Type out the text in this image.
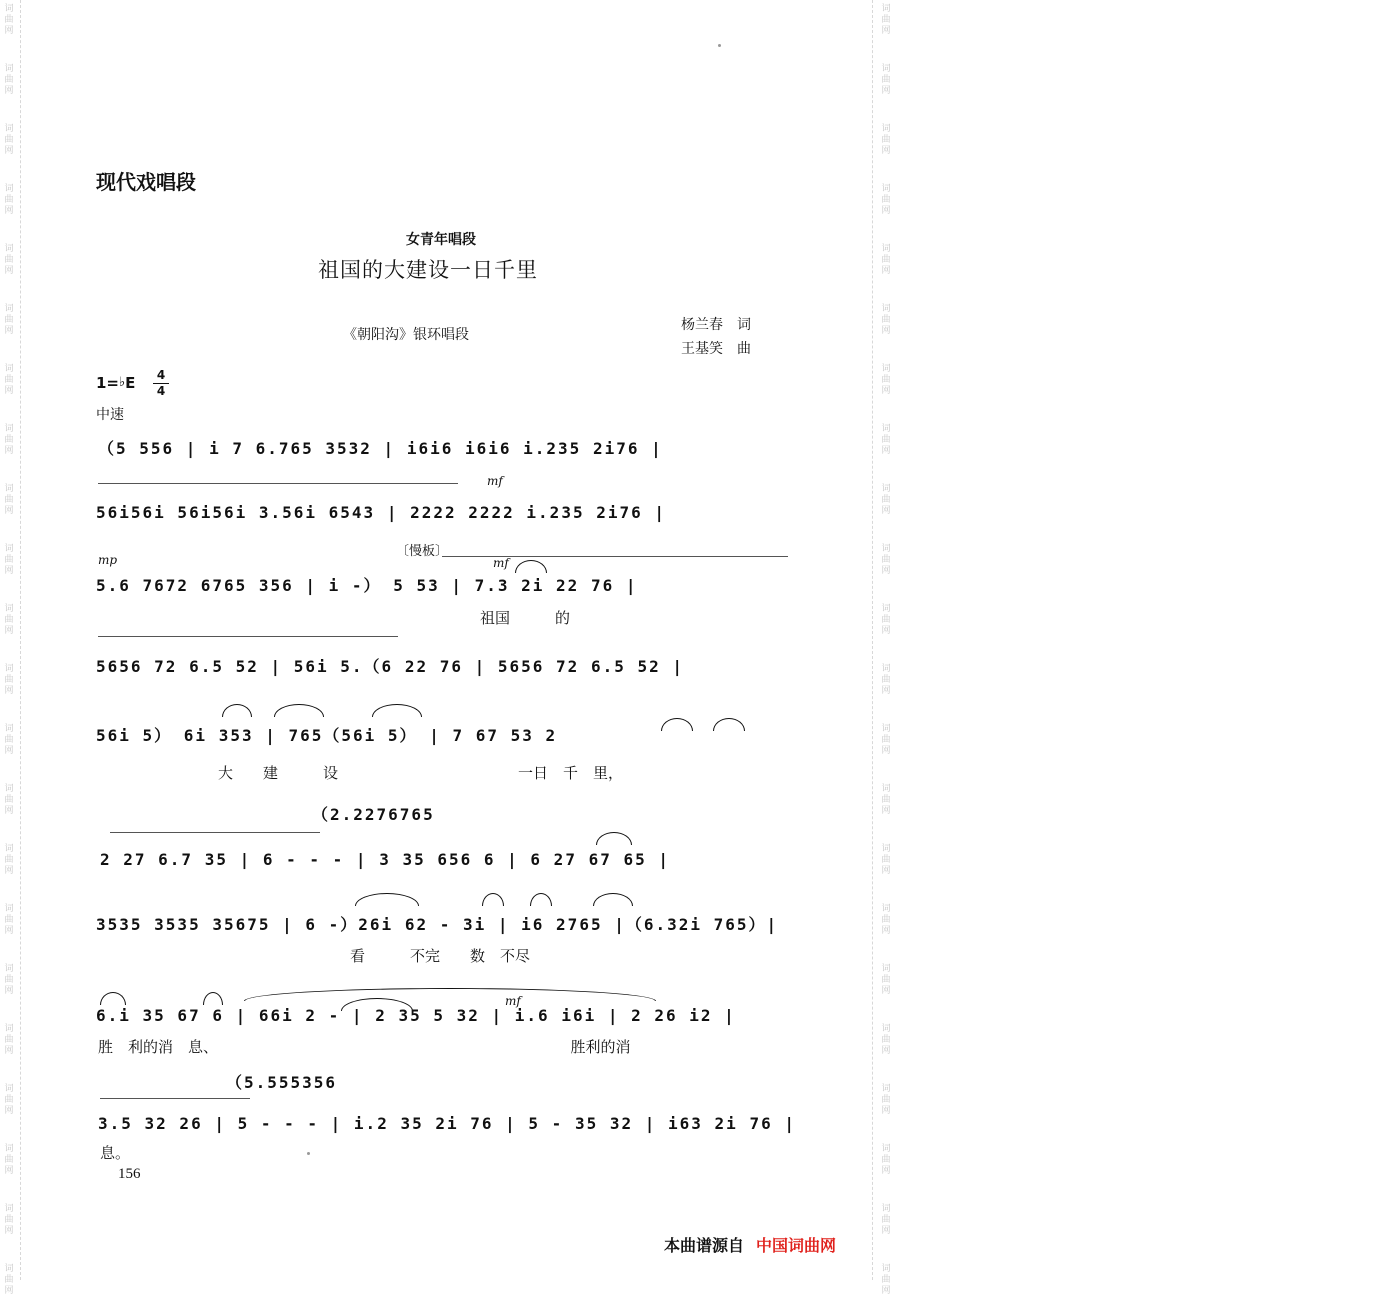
词曲网
词曲网
词曲网
词曲网
词曲网
词曲网
词曲网
词曲网
词曲网
词曲网
词曲网
词曲网
词曲网
词曲网
词曲网
词曲网
词曲网
词曲网
词曲网
词曲网
词曲网
词曲网
词曲网
词曲网
词曲网
词曲网
词曲网
词曲网
词曲网
词曲网
词曲网
词曲网
词曲网
词曲网
词曲网
词曲网
词曲网
词曲网
词曲网
词曲网
词曲网
词曲网
词曲网
词曲网
现代戏唱段
女青年唱段
祖国的大建设一日千里
《朝阳沟》银环唱段
杨兰春　词
王基笑　曲
1=♭E	4
4
中速
（5 556 | i 7 6.765 3532 | i6i6 i6i6 i.235 2i76 |
mf
56i56i 56i56i 3.56i 6543 | 2222 2222 i.235 2i76 |
mp
〔慢板〕
mf
5.6 7672 6765 356 | i -） 5 53 | 7.3 2i 22 76 |
祖国　　　的
5656 72 6.5 52 | 56i 5.（6 22 76 | 5656 72 6.5 52 |
56i 5） 6i 353 | 765（56i 5） | 7 67 53 2
大　　建　　　设　　　　　　　　　　　　一日　千　里，
（2.2276765
2 27 6.7 35 | 6 - - - | 3 35 656 6 | 6 27 67 65 |
3535 3535 35675 | 6 -）26i 62 - 3i | i6 2765 |（6.32i 765）|
看　　　不完　　数　不尽
mf
6.i 35 67 6 | 66i 2 - | 2 35 5 32 | i.6 i6i | 2 26 i2 |
胜　利的消　息、　　　　　　　　　　　　　　　　　　　　　　　　胜利的消
（5.555356
3.5 32 26 | 5 - - - | i.2 35 2i 76 | 5 - 35 32 | i63 2i 76 |
息。
156
本曲谱源自 中国词曲网
